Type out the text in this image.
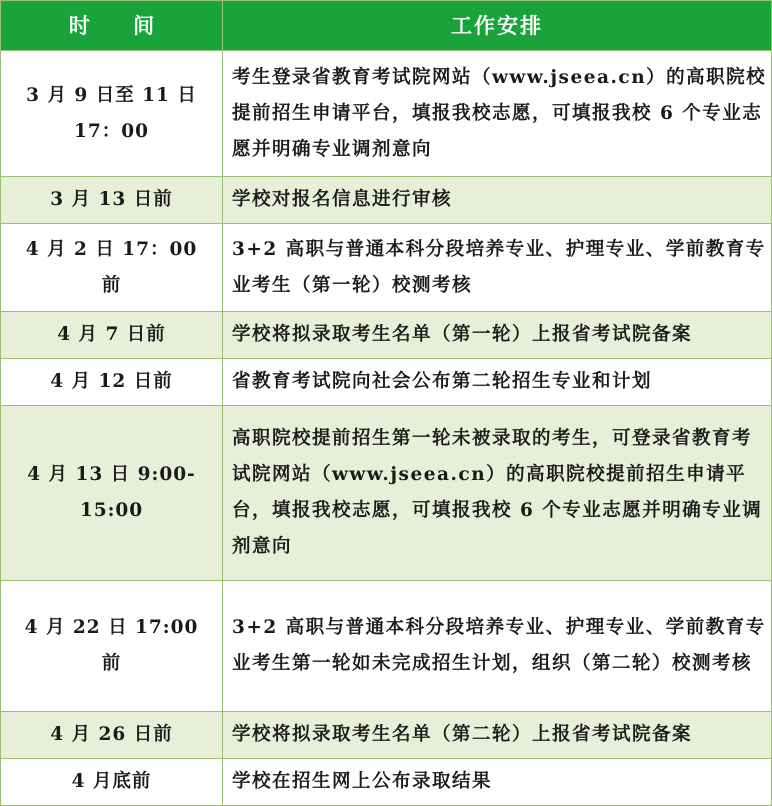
时 间	工作安排
3 月 9 日至 11 日 17：00	考生登录省教育考试院网站（www.jseea.cn）的高职院校提前招生申请平台，填报我校志愿，可填报我校 6 个专业志愿并明确专业调剂意向
3 月 13 日前	学校对报名信息进行审核
4 月 2 日 17：00 前	3+2 高职与普通本科分段培养专业、护理专业、学前教育专业考生（第一轮）校测考核
4 月 7 日前	学校将拟录取考生名单（第一轮）上报省考试院备案
4 月 12 日前	省教育考试院向社会公布第二轮招生专业和计划
4 月 13 日 9:00-15:00	高职院校提前招生第一轮未被录取的考生，可登录省教育考试院网站（www.jseea.cn）的高职院校提前招生申请平台，填报我校志愿，可填报我校 6 个专业志愿并明确专业调剂意向
4 月 22 日 17:00 前	3+2 高职与普通本科分段培养专业、护理专业、学前教育专业考生第一轮如未完成招生计划，组织（第二轮）校测考核
4 月 26 日前	学校将拟录取考生名单（第二轮）上报省考试院备案
4 月底前	学校在招生网上公布录取结果
